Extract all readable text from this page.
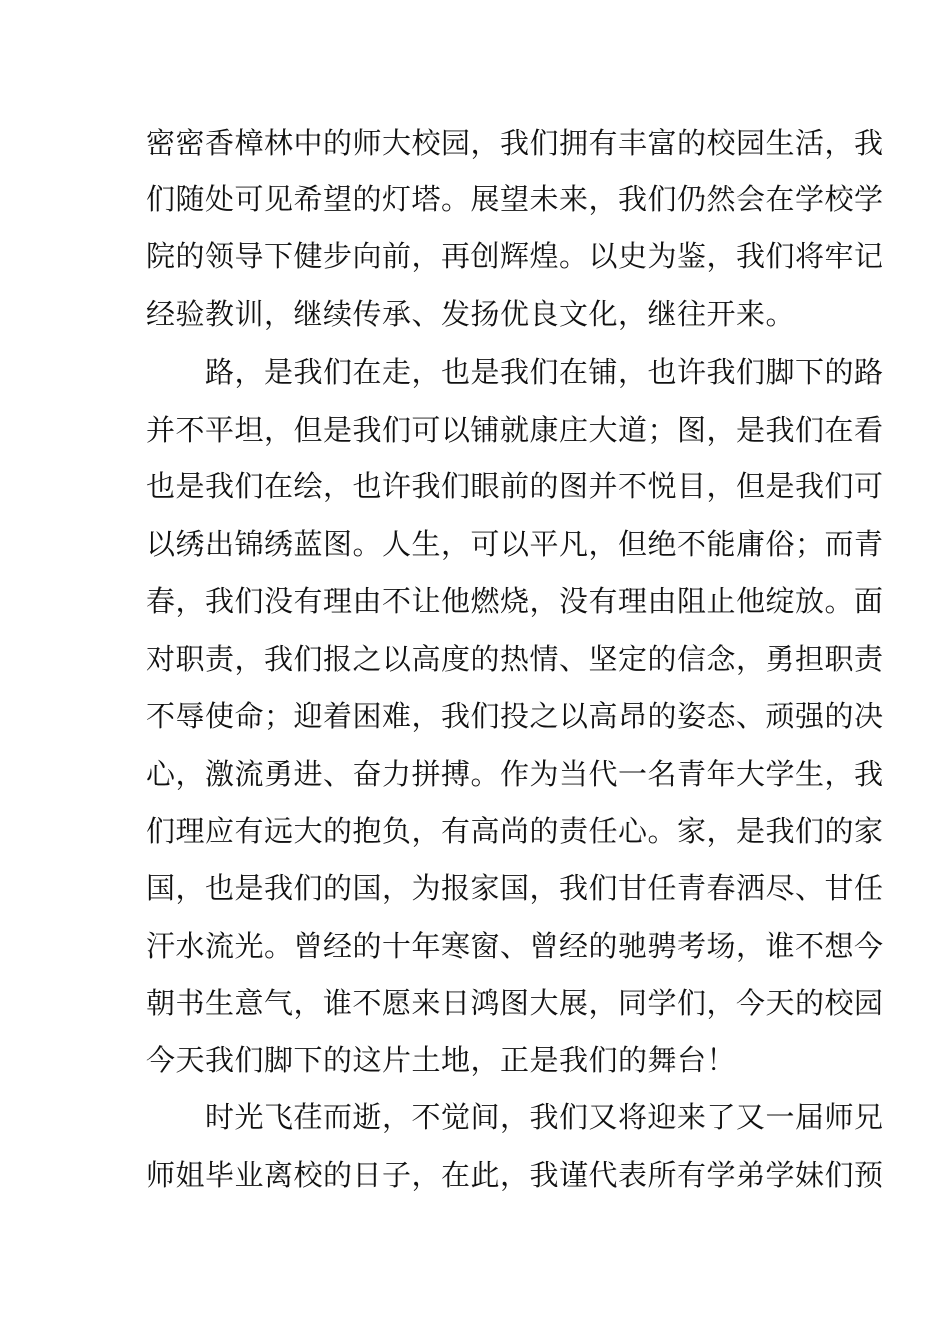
密密香樟林中的师大校园，我们拥有丰富的校园生活，我
们随处可见希望的灯塔。展望未来，我们仍然会在学校学
院的领导下健步向前，再创辉煌。以史为鉴，我们将牢记
经验教训，继续传承、发扬优良文化，继往开来。
路，是我们在走，也是我们在铺，也许我们脚下的路
并不平坦，但是我们可以铺就康庄大道；图，是我们在看
也是我们在绘，也许我们眼前的图并不悦目，但是我们可
以绣出锦绣蓝图。人生，可以平凡，但绝不能庸俗；而青
春，我们没有理由不让他燃烧，没有理由阻止他绽放。面
对职责，我们报之以高度的热情、坚定的信念，勇担职责
不辱使命；迎着困难，我们投之以高昂的姿态、顽强的决
心，激流勇进、奋力拼搏。作为当代一名青年大学生，我
们理应有远大的抱负，有高尚的责任心。家，是我们的家
国，也是我们的国，为报家国，我们甘任青春洒尽、甘任
汗水流光。曾经的十年寒窗、曾经的驰骋考场，谁不想今
朝书生意气，谁不愿来日鸿图大展，同学们，今天的校园
今天我们脚下的这片土地，正是我们的舞台！
时光飞荏而逝，不觉间，我们又将迎来了又一届师兄
师姐毕业离校的日子，在此，我谨代表所有学弟学妹们预
